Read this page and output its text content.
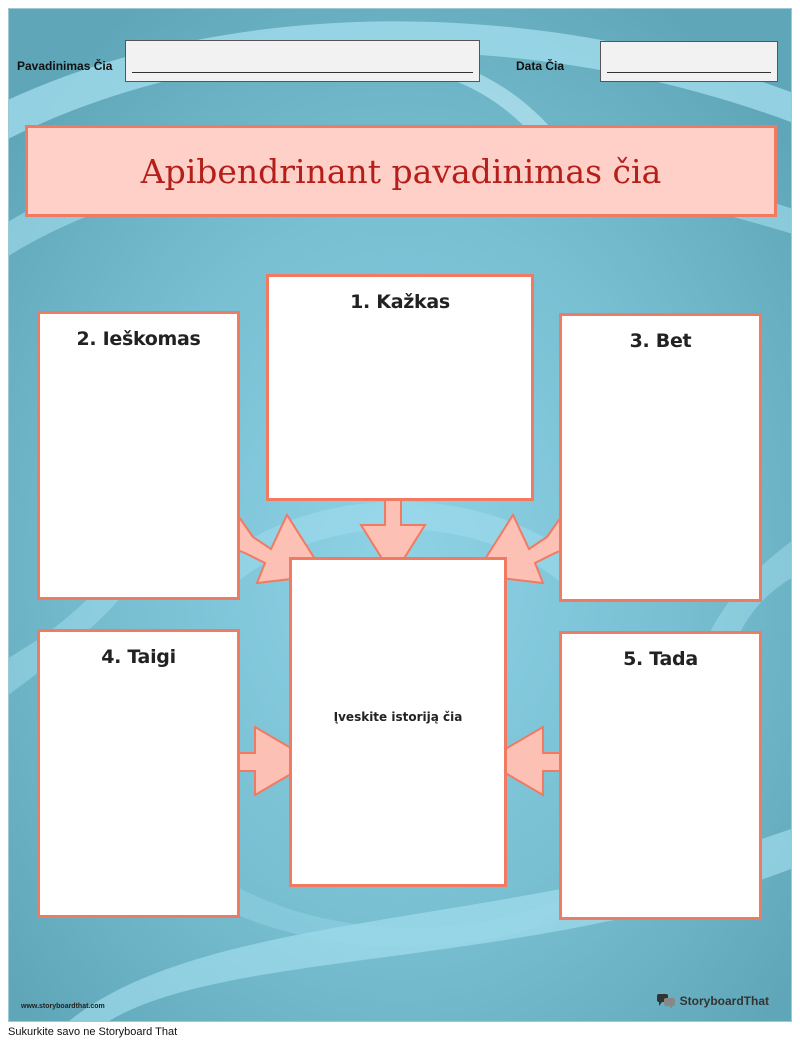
Pavadinimas Čia	Data Čia
Apibendrinant pavadinimas čia
1. Kažkas
2. Ieškomas	3. Bet
Įveskite istoriją čia
4. Taigi	5. Tada
www.storyboardthat.com	StoryboardThat
Sukurkite savo ne Storyboard That
